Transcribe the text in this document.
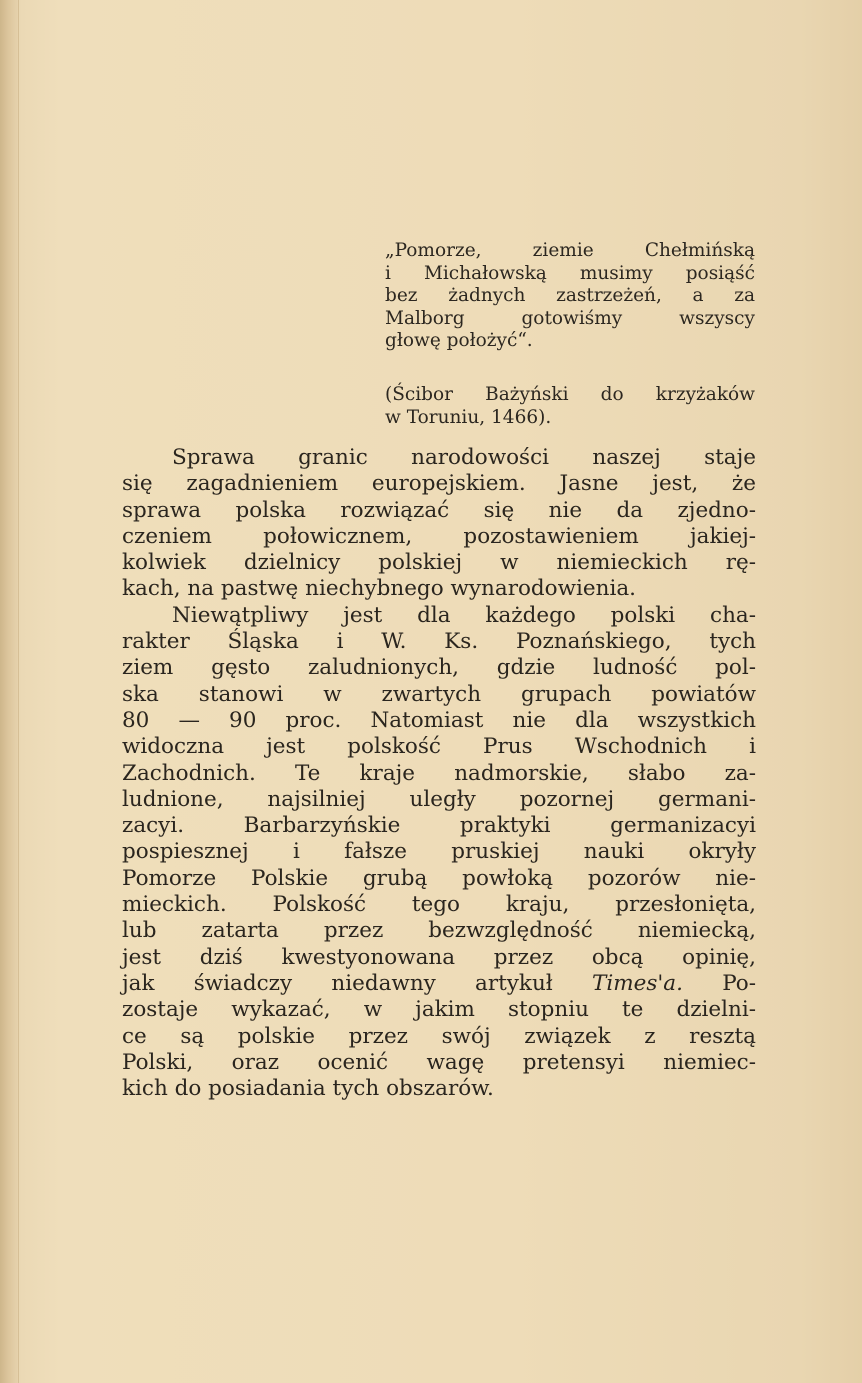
„Pomorze, ziemie Chełmińską
i Michałowską musimy posiąść
bez żadnych zastrzeżeń, a za
Malborg gotowiśmy wszyscy
głowę położyć“.
(Ścibor Bażyński do krzyżaków
w Toruniu, 1466).
Sprawa granic narodowości naszej staje
się zagadnieniem europejskiem. Jasne jest, że
sprawa polska rozwiązać się nie da zjedno-
czeniem połowicznem, pozostawieniem jakiej-
kolwiek dzielnicy polskiej w niemieckich rę-
kach, na pastwę niechybnego wynarodowienia.
Niewątpliwy jest dla każdego polski cha-
rakter Śląska i W. Ks. Poznańskiego, tych
ziem gęsto zaludnionych, gdzie ludność pol-
ska stanowi w zwartych grupach powiatów
80 — 90 proc. Natomiast nie dla wszystkich
widoczna jest polskość Prus Wschodnich i
Zachodnich. Te kraje nadmorskie, słabo za-
ludnione, najsilniej uległy pozornej germani-
zacyi. Barbarzyńskie praktyki germanizacyi
pospiesznej i fałsze pruskiej nauki okryły
Pomorze Polskie grubą powłoką pozorów nie-
mieckich. Polskość tego kraju, przesłonięta,
lub zatarta przez bezwzględność niemiecką,
jest dziś kwestyonowana przez obcą opinię,
jak świadczy niedawny artykuł Times'a. Po-
zostaje wykazać, w jakim stopniu te dzielni-
ce są polskie przez swój związek z resztą
Polski, oraz ocenić wagę pretensyi niemiec-
kich do posiadania tych obszarów.
